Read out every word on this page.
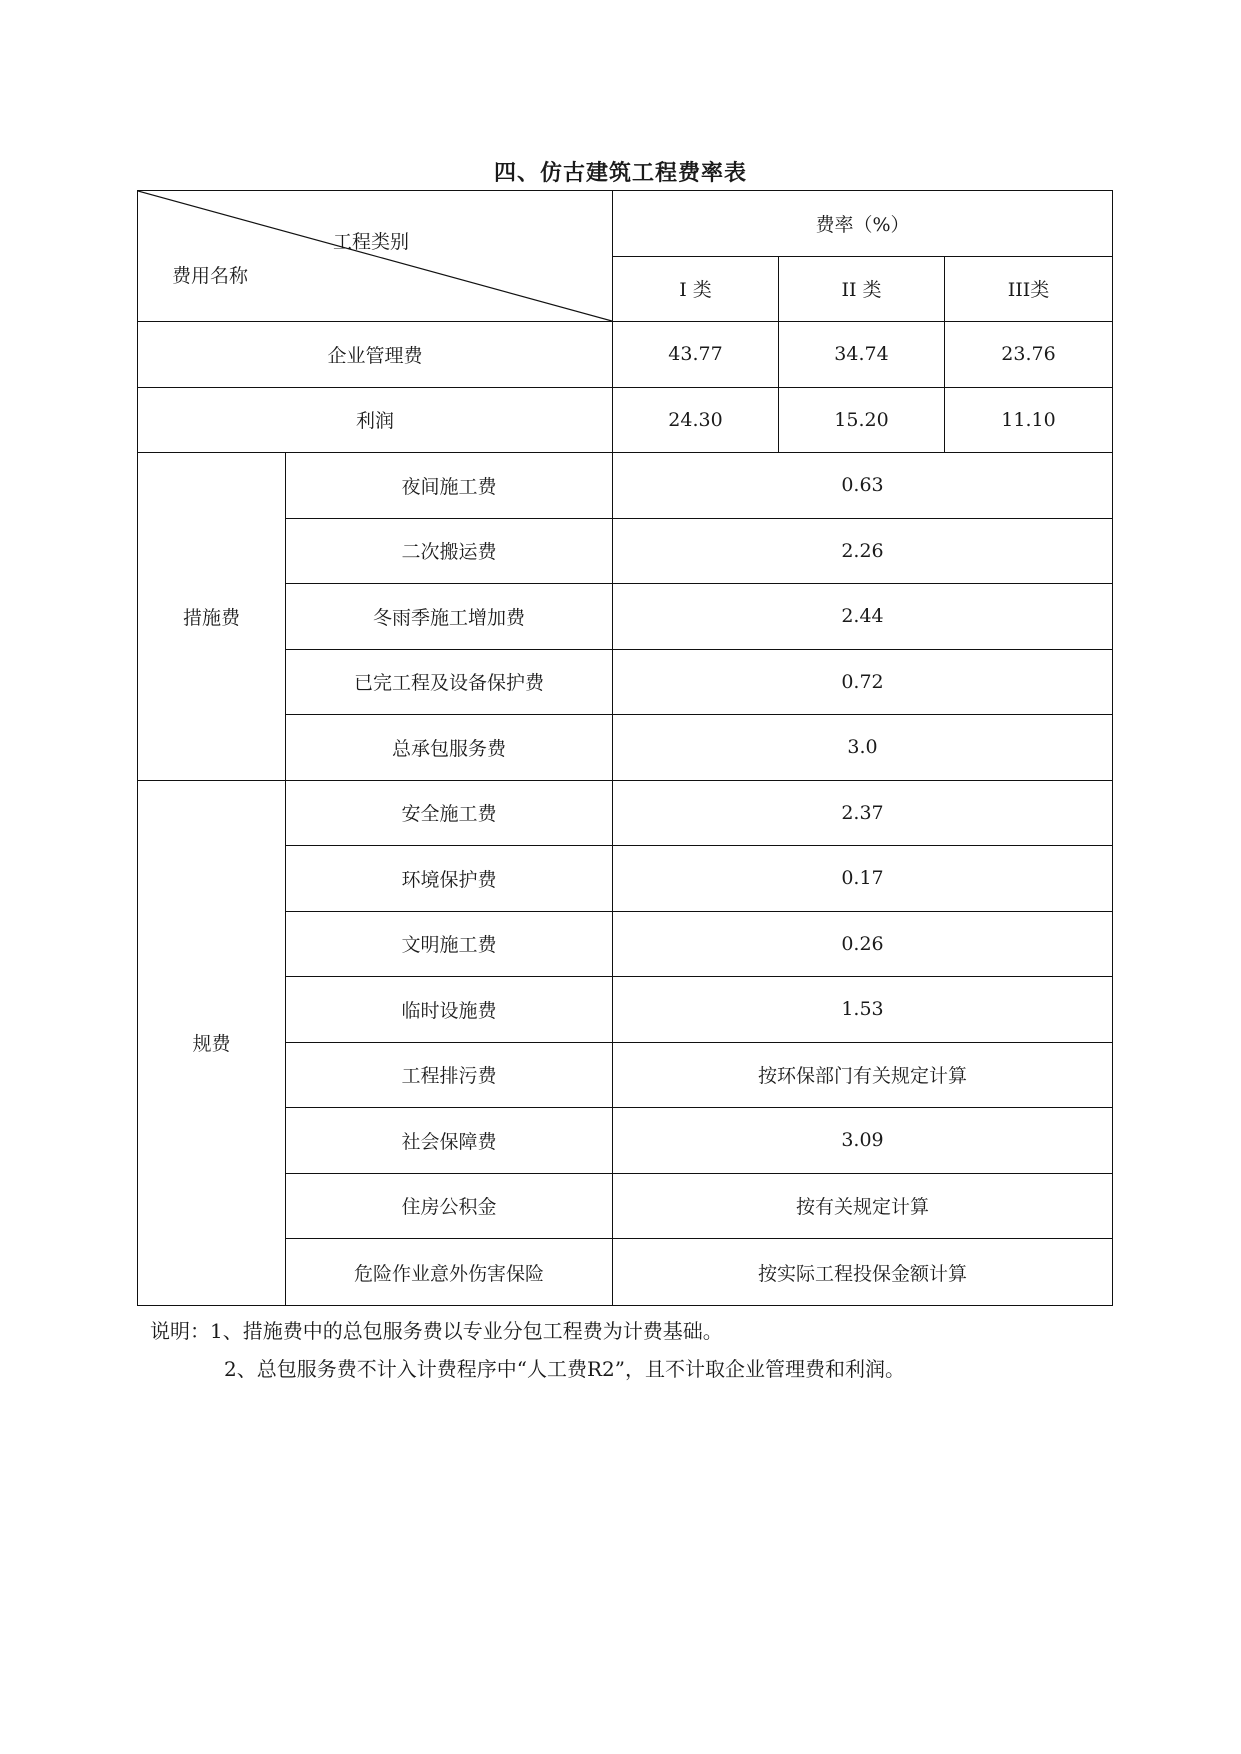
四、仿古建筑工程费率表
工程类别
费用名称		费率（%）		
		I 类	II 类	III类
企业管理费		43.77	34.74	23.76
利润		24.30	15.20	11.10
措施费	夜间施工费	0.63		
	二次搬运费	2.26		
	冬雨季施工增加费	2.44		
	已完工程及设备保护费	0.72		
	总承包服务费	3.0		
规费	安全施工费	2.37		
	环境保护费	0.17		
	文明施工费	0.26		
	临时设施费	1.53		
	工程排污费	按环保部门有关规定计算		
	社会保障费	3.09		
	住房公积金	按有关规定计算		
	危险作业意外伤害保险	按实际工程投保金额计算		
说明：1、措施费中的总包服务费以专业分包工程费为计费基础。
2、总包服务费不计入计费程序中“人工费R2”，且不计取企业管理费和利润。
